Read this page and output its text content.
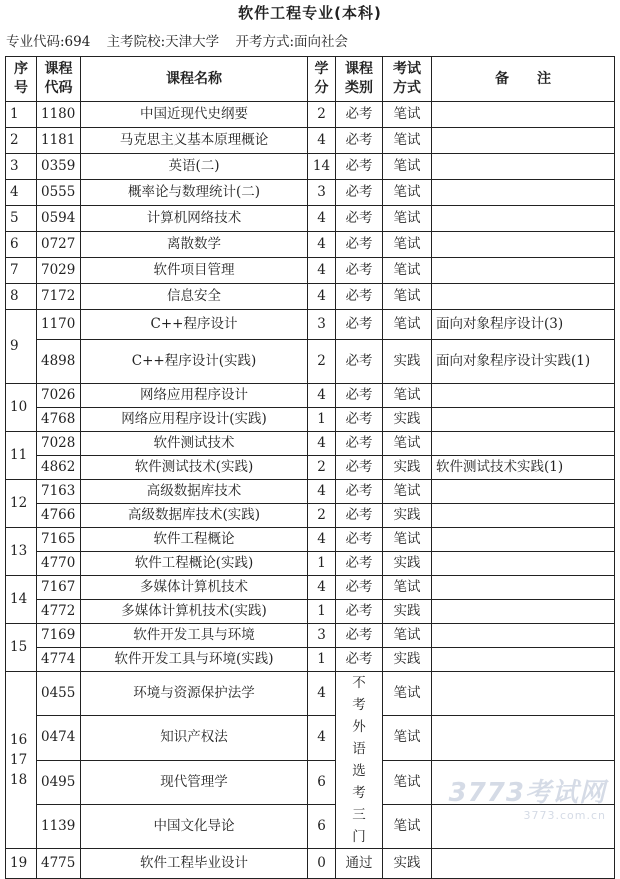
软件工程专业(本科)
专业代码:694 主考院校:天津大学 开考方式:面向社会
序号	课程代码	课程名称	学分	课程类别	考试方式	备　　注
1	1180	中国近现代史纲要	2	必考	笔试	
2	1181	马克思主义基本原理概论	4	必考	笔试	
3	0359	英语(二)	14	必考	笔试	
4	0555	概率论与数理统计(二)	3	必考	笔试	
5	0594	计算机网络技术	4	必考	笔试	
6	0727	离散数学	4	必考	笔试	
7	7029	软件项目管理	4	必考	笔试	
8	7172	信息安全	4	必考	笔试	
9	1170	C++程序设计	3	必考	笔试	面向对象程序设计(3)
	4898	C++程序设计(实践)	2	必考	实践	面向对象程序设计实践(1)
10	7026	网络应用程序设计	4	必考	笔试	
	4768	网络应用程序设计(实践)	1	必考	实践	
11	7028	软件测试技术	4	必考	笔试	
	4862	软件测试技术(实践)	2	必考	实践	软件测试技术实践(1)
12	7163	高级数据库技术	4	必考	笔试	
	4766	高级数据库技术(实践)	2	必考	实践	
13	7165	软件工程概论	4	必考	笔试	
	4770	软件工程概论(实践)	1	必考	实践	
14	7167	多媒体计算机技术	4	必考	笔试	
	4772	多媒体计算机技术(实践)	1	必考	实践	
15	7169	软件开发工具与环境	3	必考	笔试	
	4774	软件开发工具与环境(实践)	1	必考	实践	
16 17 18	0455	环境与资源保护法学	4	不考外语选考三门	笔试	
	0474	知识产权法	4		笔试	
	0495	现代管理学	6		笔试	
	1139	中国文化导论	6		笔试	
19	4775	软件工程毕业设计	0	通过	实践	
3773考试网
3773.com.cn
